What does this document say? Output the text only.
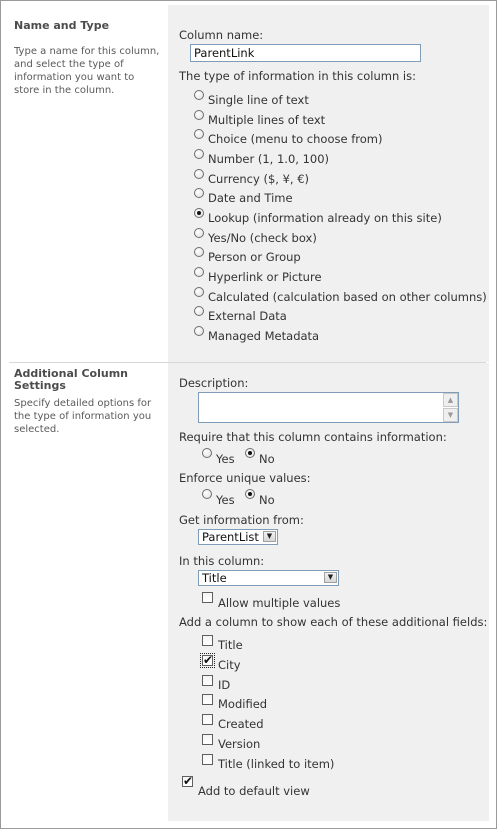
Name and Type
Type a name for this column, and select the type of information you want to store in the column.
Column name:
ParentLink
The type of information in this column is:
Single line of text
Multiple lines of text
Choice (menu to choose from)
Number (1, 1.0, 100)
Currency ($, ¥, €)
Date and Time
Lookup (information already on this site)
Yes/No (check box)
Person or Group
Hyperlink or Picture
Calculated (calculation based on other columns)
External Data
Managed Metadata
Additional Column Settings
Specify detailed options for the type of information you selected.
Description:
▲
▼
Require that this column contains information:
Yes No
Enforce unique values:
Yes No
Get information from:
ParentList	▼
In this column:
Title	▼
Allow multiple values
Add a column to show each of these additional fields:
Title
✔ City
ID
Modified
Created
Version
Title (linked to item)
✔
Add to default view
